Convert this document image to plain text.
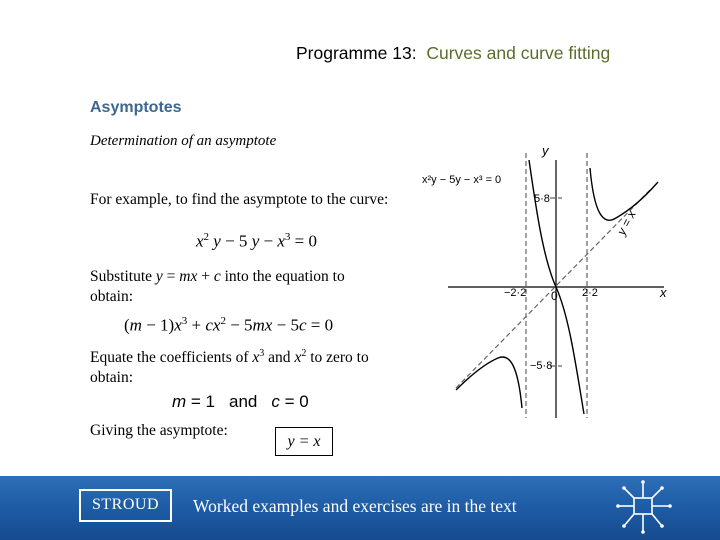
Programme 13: Curves and curve fitting
Asymptotes
Determination of an asymptote
For example, to find the asymptote to the curve:
$x^2$ y − 5 $y - x^3 = 0$
Substitute y = mx + c into the equation to obtain:
$(m - 1)x^3 + cx^2 - 5mx - 5c = 0$
Equate the coefficients of $x^3$ and $x^2$ to zero to obtain:
m = 1 and c = 0
Giving the asymptote:
y = x
x²y − 5y − x³ = 0
y
x
0
5·8
−5·8
−2·2	2·2
y = x
STROUD	Worked examples and exercises are in the text
